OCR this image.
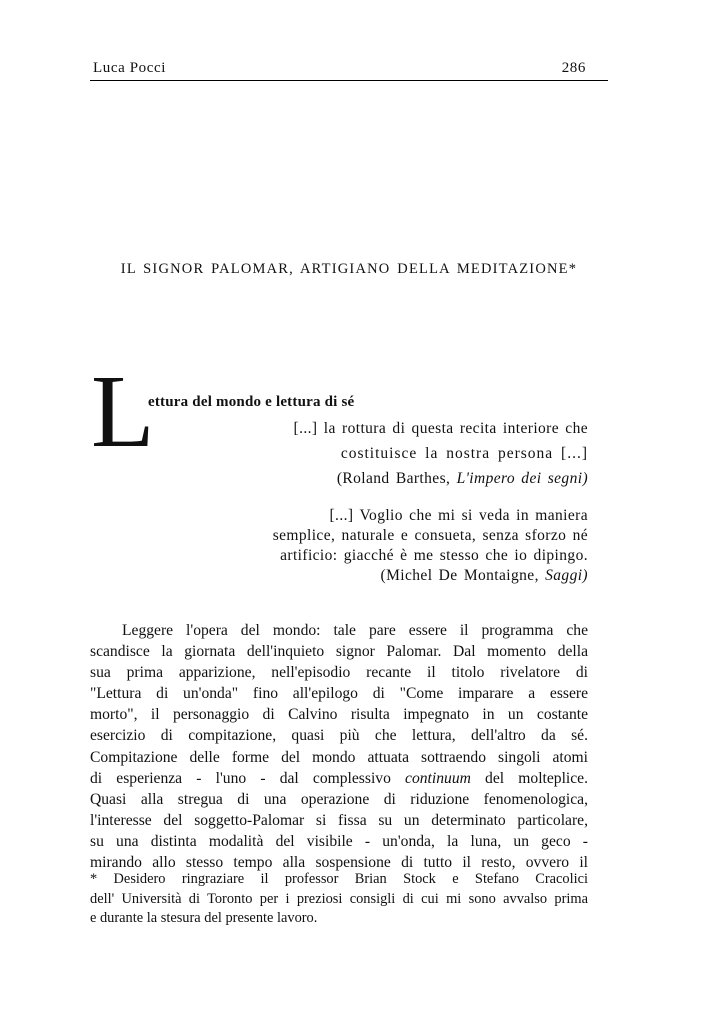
Luca Pocci	286
IL SIGNOR PALOMAR, ARTIGIANO DELLA MEDITAZIONE*
L
ettura del mondo e lettura di sé
[...] la rottura di questa recita interiore che
costituisce la nostra persona [...]
(Roland Barthes, L'impero dei segni)
[...] Voglio che mi si veda in maniera
semplice, naturale e consueta, senza sforzo né
artificio: giacché è me stesso che io dipingo.
(Michel De Montaigne, Saggi)
Leggere l'opera del mondo: tale pare essere il programma che
scandisce la giornata dell'inquieto signor Palomar. Dal momento della
sua prima apparizione, nell'episodio recante il titolo rivelatore di
"Lettura di un'onda" fino all'epilogo di "Come imparare a essere
morto", il personaggio di Calvino risulta impegnato in un costante
esercizio di compitazione, quasi più che lettura, dell'altro da sé.
Compitazione delle forme del mondo attuata sottraendo singoli atomi
di esperienza - l'uno - dal complessivo continuum del molteplice.
Quasi alla stregua di una operazione di riduzione fenomenologica,
l'interesse del soggetto-Palomar si fissa su un determinato particolare,
su una distinta modalità del visibile - un'onda, la luna, un geco -
mirando allo stesso tempo alla sospensione di tutto il resto, ovvero il
* Desidero ringraziare il professor Brian Stock e Stefano Cracolici
dell' Università di Toronto per i preziosi consigli di cui mi sono avvalso prima
e durante la stesura del presente lavoro.
